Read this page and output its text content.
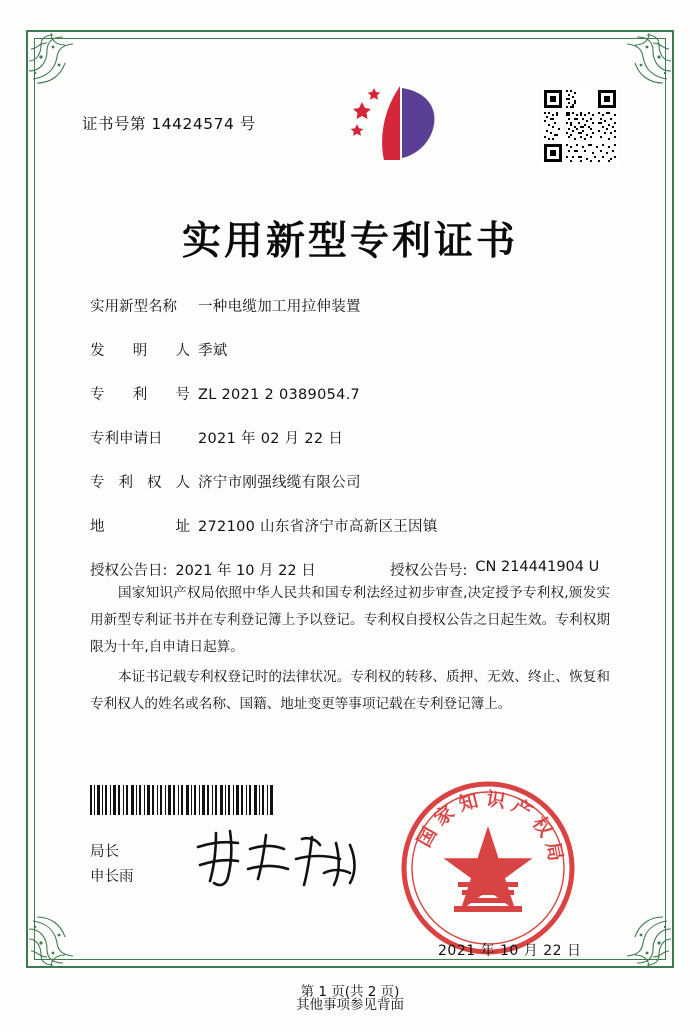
证书号第 14424574 号
实用新型专利证书
实用新型名称	一种电缆加工用拉伸装置
发 明 人 季斌
专 利 号 ZL 2021 2 0389054.7
专利申请日	2021 年 02 月 22 日
专 利 权 人 济宁市刚强线缆有限公司
地	址 272100 山东省济宁市高新区王因镇
授权公告日: 2021 年 10 月 22 日	授权公告号: CN 214441904 U

国家知识产权局依照中华人民共和国专利法经过初步审查,决定授予专利权,颁发实用新型专利证书并在专利登记簿上予以登记。专利权自授权公告之日起生效。专利权期限为十年,自申请日起算。

本证书记载专利权登记时的法律状况。专利权的转移、质押、无效、终止、恢复和专利权人的姓名或名称、国籍、地址变更等事项记载在专利登记簿上。

局长
申长雨
国家知识产权局
2021 年 10 月 22 日
第 1 页(共 2 页)
其他事项参见背面
